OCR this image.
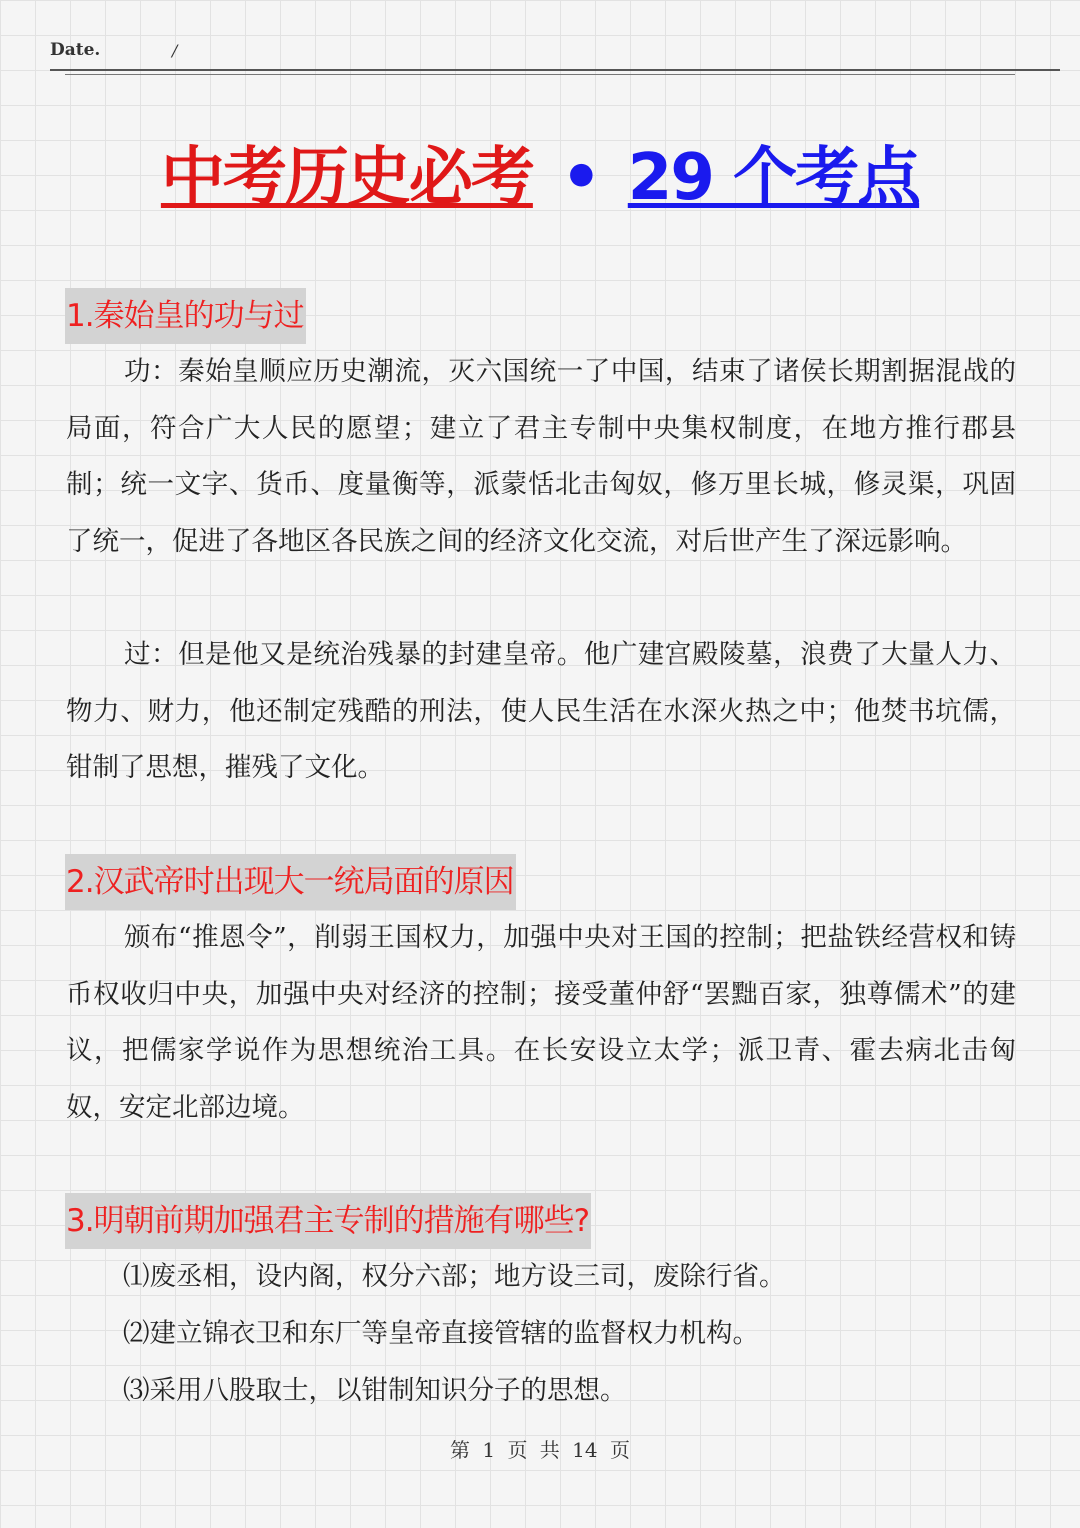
Date.	/
中考历史必考 • 29 个考点
1.秦始皇的功与过

功：秦始皇顺应历史潮流，灭六国统一了中国，结束了诸侯长期割据混战的局面，符合广大人民的愿望；建立了君主专制中央集权制度，在地方推行郡县制；统一文字、货币、度量衡等，派蒙恬北击匈奴，修万里长城，修灵渠，巩固了统一，促进了各地区各民族之间的经济文化交流，对后世产生了深远影响。

过：但是他又是统治残暴的封建皇帝。他广建宫殿陵墓，浪费了大量人力、物力、财力，他还制定残酷的刑法，使人民生活在水深火热之中；他焚书坑儒，钳制了思想，摧残了文化。

2.汉武帝时出现大一统局面的原因

颁布“推恩令”，削弱王国权力，加强中央对王国的控制；把盐铁经营权和铸币权收归中央，加强中央对经济的控制；接受董仲舒“罢黜百家，独尊儒术”的建议，把儒家学说作为思想统治工具。在长安设立太学；派卫青、霍去病北击匈奴，安定北部边境。

3.明朝前期加强君主专制的措施有哪些?

⑴废丞相，设内阁，权分六部；地方设三司，废除行省。

⑵建立锦衣卫和东厂等皇帝直接管辖的监督权力机构。

⑶采用八股取士，以钳制知识分子的思想。

第 1 页 共 14 页
